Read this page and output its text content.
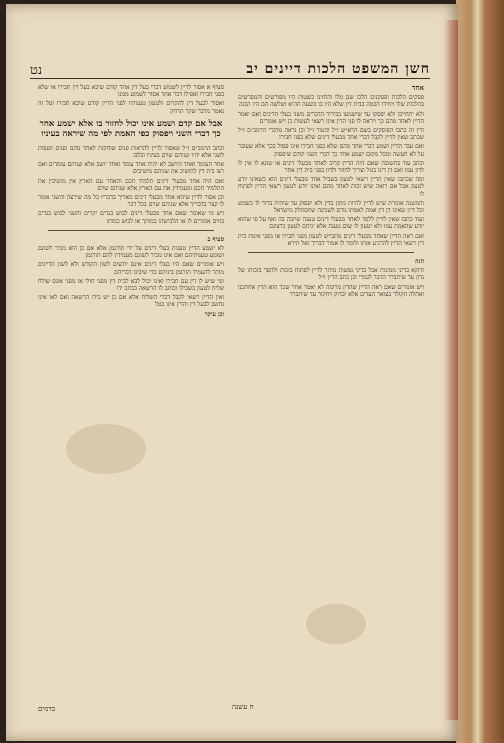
נט	חשן המשפט הלכות דיינים יב

אחד

פסקים הלכות ופסקנים הלכו שם מלו והחזינו בשטות היו מפורשים והמפרשים בהלכות שלו ויחידו הכמה בבית דין שלא היו בו בשעה ההיא ושלשה הם היו הכנה

ולא יתחייבו ולא יפסקו עד שישמעו בבירור הדברים משני בעלי הדינים ואם יאמר הדיין לאחד מהם כך ויראה לו פני הדין אינו רשאי לעשות כן ויש אומרים

ודין זה כתבו הפוסקים בשם הרא״ש ז״ל והטור ז״ל וכן נראה מדברי הרמב״ם ז״ל שכתב שאין לדיין לקבל דברי אחד מבעלי דינים שלא בפני חבירו

ואם עבר הדיין ושמע דברי אחד מהם שלא בפני חבירו אינו פסול בכך אלא שעובר על לא תעשה ומכל מקום ישמע אחר כך דברי השני קודם שיפסוק

וכתב עוד בתשובה שאם היה הדיין קרוב לאחד מבעלי דינים או שונא לו אין לו לדון עמו ואם דן דינו בטל וצריך לחזור ולדון בפני בית דין אחר

ומה שכתבו שאין הדיין רשאי לטעון בשביל אחד מבעלי דינים הוא כשאינו יודע לטעון אבל אם רואה שיש זכות לאחד מהם ואינו יודע לטעון רשאי הדיין לפתוח לו

והמשנה אומרת שיש לדיין להיות מתון בדין ולא יפסוק עד שיהיה ברור לו כשמש וכל דיין שאינו דן דין אמת לאמתו גורם לשכינה שתסתלק מישראל

ועוד כתבו שאין לדיין ללמד לאחד מבעלי דינים טענה שיזכה בה ואף על פי שהוא יודע שהאמת עמו ולא יטעון לו שום טענה אלא יניחם לטעון כרצונם

ואם ראה הדיין שאחד מבעלי דינים מתבייש לטעון מפני חבירו או מפני אימת בית דין רשאי הדיין להרגיע אותו ולומר לו אמור דבריך ואל תירא

הגה

ודוקא בדיני ממונות אבל בדיני נפשות מותר לדיין לפתוח בזכות ולהפך בזכותו של נדון עד שיתברר הדבר לגמרי וכן כתב הר״ן ז״ל

ויש אומרים שאם ראה הדיין שהדין מרומה לא יאמר אחר שכך הוא הדין אחתכנו ואתלה הקולר בצואר העדים אלא יבדוק ויחקור עד שיתברר

סעיף א אסור לדיין לשמוע דברי בעל דין אחד קודם שיבא בעל דין חבירו או שלא בפני חבירו ואפילו דבר אחד אסור לשמוע ממנו

ואסור לבעל דין להקדים ולטעון טענותיו לפני הדיין קודם שיבא חבירו ועל זה נאמר מדבר שקר תרחק

אבל אם קדם ושמע אינו יכול לחזור בו אלא ישמע אחר כך דברי השני ויפסוק כפי האמת לפי מה שיראה בעיניו

וכתב הרמב״ם ז״ל שאסור לדיין להראות פנים שוחקות לאחד מהם ופנים זועפות לשני אלא יהיו שניהם שוים בעיניו ובלבו

אחד העומד ואחד היושב לא יהיה אחד עומד ואחד יושב אלא שניהם עומדים ואם רצו בית דין להושיב את שניהם מושיבים

ואם היה אחד מבעלי דינים תלמיד חכם והאחר עם הארץ אין מושיבין את התלמיד חכם ומעמידין את עם הארץ אלא שניהם שוים

וכן אסור לדיין שיהא אחד מבעלי דינים מאריך בדבריו כל מה שירצה והשני אומר לו קצר בדבריך אלא שניהם שוים בכל דבר

ויש מי שאומר שאם אחד מבעלי דינים לבוש בגדים יקרים והשני לבוש בגדים בזוים אומרים לו או הלבישהו כמותך או לבוש כמותו

סעיף ב

לא ישמע הדיין טענות בעלי דינים על ידי תורגמן אלא אם כן הוא מכיר לשונם ושומע טענותיהם ואם אינו מכיר לשונם מעמידין להם תורגמן

ויש אומרים שאם היו בעלי דינים אינם יודעים לשון הקודש ולא לשון הדיינים מותר להעמיד תורגמן ביניהם כדי שיבינו דבריהם

ומי שיש לו דין עם חבירו ואינו יכול לבא לבית דין מפני חולי או מפני אונס שולח שליח לטעון בשבילו וכותב לו הרשאה בכתב ידו

ואין הדיין רשאי לקבל דברי השליח אלא אם כן יש בידו הרשאה ואם לאו אינו נחשב לבעל דין והדין אינו בטל

וכן עיקר

בדמים	ח עשנה
